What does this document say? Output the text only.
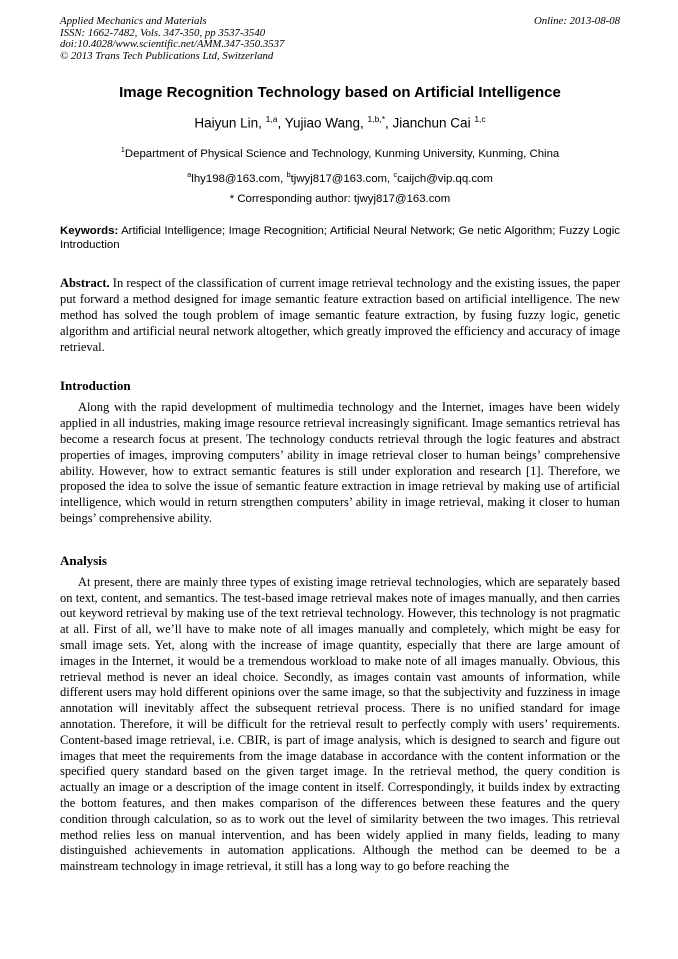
Applied Mechanics and Materials
ISSN: 1662-7482, Vols. 347-350, pp 3537-3540
doi:10.4028/www.scientific.net/AMM.347-350.3537
© 2013 Trans Tech Publications Ltd, Switzerland
Online: 2013-08-08
Image Recognition Technology based on Artificial Intelligence
Haiyun Lin, $^{1,a}$, Yujiao Wang, $^{1,b,*}$, Jianchun Cai $^{1,c}$
$^1$Department of Physical Science and Technology, Kunming University, Kunming, China
$^a$lhy198@163.com, $^b$tjwyj817@163.com, $^c$caijch@vip.qq.com
* Corresponding author: tjwyj817@163.com

Keywords: Artificial Intelligence; Image Recognition; Artificial Neural Network; Ge netic Algorithm; Fuzzy Logic Introduction

Abstract. In respect of the classification of current image retrieval technology and the existing issues, the paper put forward a method designed for image semantic feature extraction based on artificial intelligence. The new method has solved the tough problem of image semantic feature extraction, by fusing fuzzy logic, genetic algorithm and artificial neural network altogether, which greatly improved the efficiency and accuracy of image retrieval.

Introduction

Along with the rapid development of multimedia technology and the Internet, images have been widely applied in all industries, making image resource retrieval increasingly significant. Image semantics retrieval has become a research focus at present. The technology conducts retrieval through the logic features and abstract properties of images, improving computers’ ability in image retrieval closer to human beings’ comprehensive ability. However, how to extract semantic features is still under exploration and research [1]. Therefore, we proposed the idea to solve the issue of semantic feature extraction in image retrieval by making use of artificial intelligence, which would in return strengthen computers’ ability in image retrieval, making it closer to human beings’ comprehensive ability.

Analysis

At present, there are mainly three types of existing image retrieval technologies, which are separately based on text, content, and semantics. The test-based image retrieval makes note of images manually, and then carries out keyword retrieval by making use of the text retrieval technology. However, this technology is not pragmatic at all. First of all, we’ll have to make note of all images manually and completely, which might be easy for small image sets. Yet, along with the increase of image quantity, especially that there are large amount of images in the Internet, it would be a tremendous workload to make note of all images manually. Obvious, this retrieval method is never an ideal choice. Secondly, as images contain vast amounts of information, while different users may hold different opinions over the same image, so that the subjectivity and fuzziness in image annotation will inevitably affect the subsequent retrieval process. There is no unified standard for image annotation. Therefore, it will be difficult for the retrieval result to perfectly comply with users’ requirements. Content-based image retrieval, i.e. CBIR, is part of image analysis, which is designed to search and figure out images that meet the requirements from the image database in accordance with the content information or the specified query standard based on the given target image. In the retrieval method, the query condition is actually an image or a description of the image content in itself. Correspondingly, it builds index by extracting the bottom features, and then makes comparison of the differences between these features and the query condition through calculation, so as to work out the level of similarity between the two images. This retrieval method relies less on manual intervention, and has been widely applied in many fields, leading to many distinguished achievements in automation applications. Although the method can be deemed to be a mainstream technology in image retrieval, it still has a long way to go before reaching the
